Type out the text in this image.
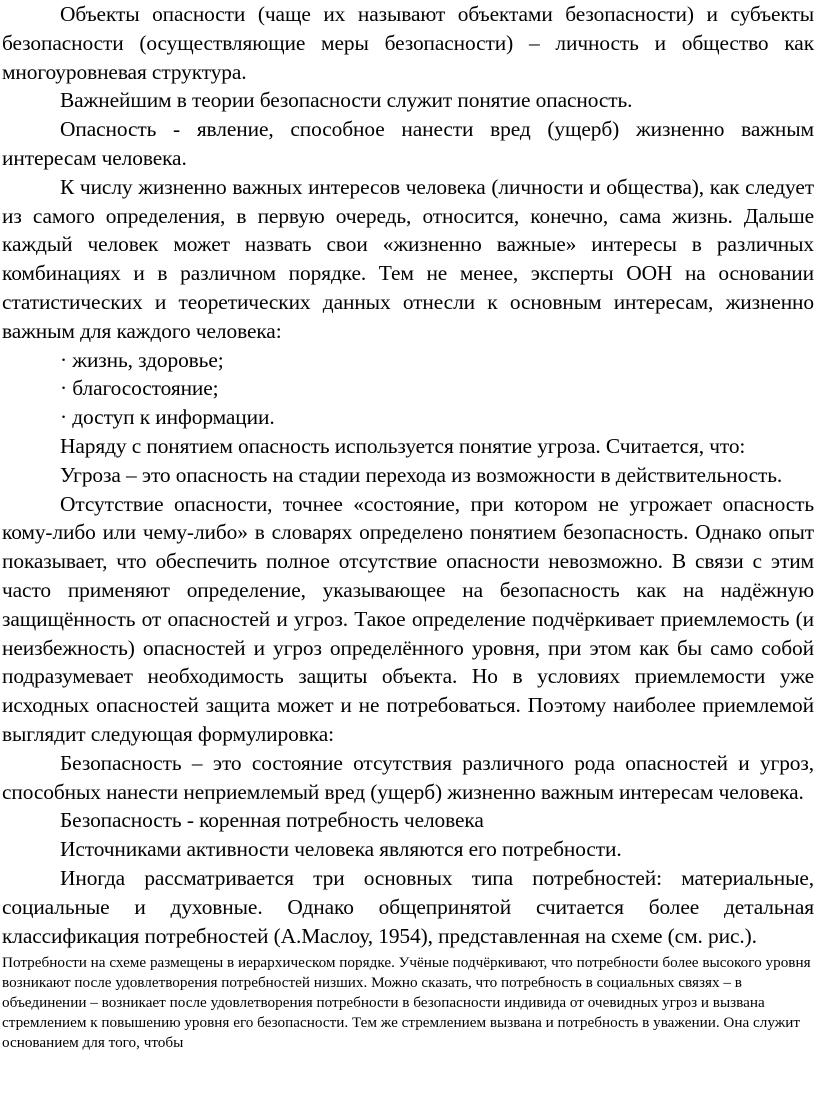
Объекты опасности (чаще их называют объектами безопасности) и субъекты безопасности (осуществляющие меры безопасности) – личность и общество как многоуровневая структура.

Важнейшим в теории безопасности служит понятие опасность.

Опасность - явление, способное нанести вред (ущерб) жизненно важным интересам человека.

К числу жизненно важных интересов человека (личности и общества), как следует из самого определения, в первую очередь, относится, конечно, сама жизнь. Дальше каждый человек может назвать свои «жизненно важные» интересы в различных комбинациях и в различном порядке. Тем не менее, эксперты ООН на основании статистических и теоретических данных отнесли к основным интересам, жизненно важным для каждого человека:

· жизнь, здоровье;

· благосостояние;

· доступ к информации.

Наряду с понятием опасность используется понятие угроза. Считается, что:

Угроза – это опасность на стадии перехода из возможности в действительность.

Отсутствие опасности, точнее «состояние, при котором не угрожает опасность кому-либо или чему-либо» в словарях определено понятием безопасность. Однако опыт показывает, что обеспечить полное отсутствие опасности невозможно. В связи с этим часто применяют определение, указывающее на безопасность как на надёжную защищённость от опасностей и угроз. Такое определение подчёркивает приемлемость (и неизбежность) опасностей и угроз определённого уровня, при этом как бы само собой подразумевает необходимость защиты объекта. Но в условиях приемлемости уже исходных опасностей защита может и не потребоваться. Поэтому наиболее приемлемой выглядит следующая формулировка:

Безопасность – это состояние отсутствия различного рода опасностей и угроз, способных нанести неприемлемый вред (ущерб) жизненно важным интересам человека.

Безопасность - коренная потребность человека

Источниками активности человека являются его потребности.

Иногда рассматривается три основных типа потребностей: материальные, социальные и духовные. Однако общепринятой считается более детальная классификация потребностей (А.Маслоу, 1954), представленная на схеме (см. рис.).

Потребности на схеме размещены в иерархическом порядке. Учёные подчёркивают, что потребности более высокого уровня возникают после удовлетворения потребностей низших. Можно сказать, что потребность в социальных связях – в объединении – возникает после удовлетворения потребности в безопасности индивида от очевидных угроз и вызвана стремлением к повышению уровня его безопасности. Тем же стремлением вызвана и потребность в уважении. Она служит основанием для того, чтобы
